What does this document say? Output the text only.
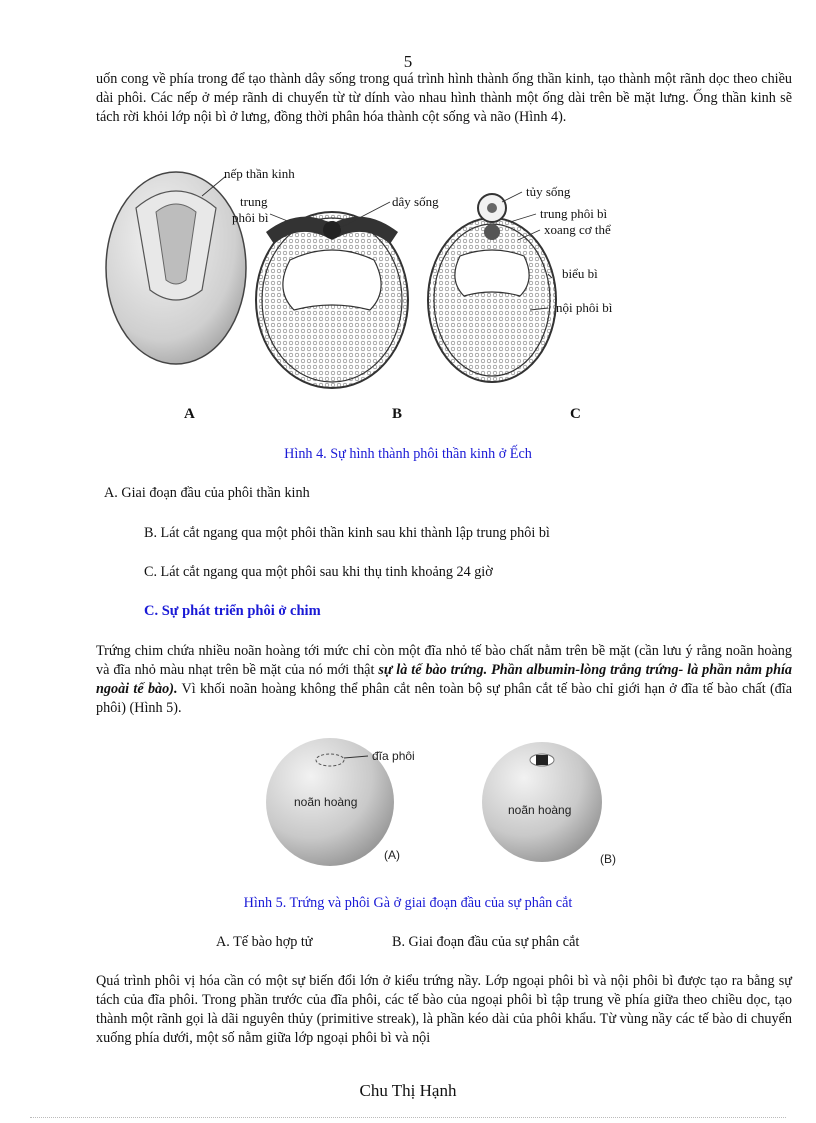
5
uốn cong về phía trong để tạo thành dây sống trong quá trình hình thành ống thần kinh, tạo thành một rãnh dọc theo chiều dài phôi. Các nếp ở mép rãnh di chuyển từ từ dính vào nhau hình thành một ống dài trên bề mặt lưng. Ống thần kinh sẽ tách rời khỏi lớp nội bì ở lưng, đồng thời phân hóa thành cột sống và não (Hình 4).
nếp thần kinh
trung
phôi bì
dây sống
tủy sống
trung phôi bì
xoang cơ thể
biểu bì
nội phôi bì
A	B	C
Hình 4. Sự hình thành phôi thần kinh ở Ếch
A. Giai đoạn đầu của phôi thần kinh
B. Lát cắt ngang qua một phôi thần kinh sau khi thành lập trung phôi bì
C. Lát cắt ngang qua một phôi sau khi thụ tinh khoảng 24 giờ
C. Sự phát triển phôi ở chim
Trứng chim chứa nhiều noãn hoàng tới mức chỉ còn một đĩa nhỏ tế bào chất nằm trên bề mặt (cần lưu ý rằng noãn hoàng và đĩa nhỏ màu nhạt trên bề mặt của nó mới thật sự là tế bào trứng. Phần albumin-lòng trắng trứng- là phần nằm phía ngoài tế bào). Vì khối noãn hoàng không thể phân cắt nên toàn bộ sự phân cắt tế bào chỉ giới hạn ở đĩa tế bào chất (đĩa phôi) (Hình 5).
đĩa phôi
noãn hoàng
noãn hoàng
(A)	(B)
Hình 5. Trứng và phôi Gà ở giai đoạn đầu của sự phân cắt
A. Tế bào hợp tử	B. Giai đoạn đầu của sự phân cắt
Quá trình phôi vị hóa cần có một sự biến đổi lớn ở kiểu trứng nầy. Lớp ngoại phôi bì và nội phôi bì được tạo ra bằng sự tách của đĩa phôi. Trong phần trước của đĩa phôi, các tế bào của ngoại phôi bì tập trung về phía giữa theo chiều dọc, tạo thành một rãnh gọi là dãi nguyên thủy (primitive streak), là phần kéo dài của phôi khẩu. Từ vùng nầy các tế bào di chuyển xuống phía dưới, một số nằm giữa lớp ngoại phôi bì và nội
Chu Thị Hạnh
